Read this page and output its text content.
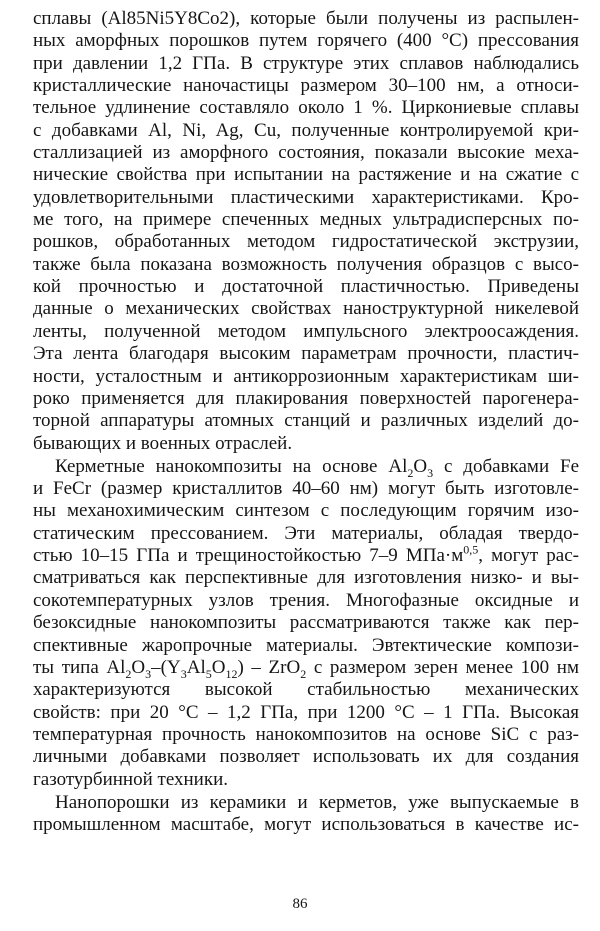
сплавы (Al85Ni5Y8Co2), которые были получены из распылен-
ных аморфных порошков путем горячего (400 °С) прессования
при давлении 1,2 ГПа. В структуре этих сплавов наблюдались
кристаллические наночастицы размером 30–100 нм, а относи-
тельное удлинение составляло около 1 %. Циркониевые сплавы
с добавками Al, Ni, Ag, Cu, полученные контролируемой кри-
сталлизацией из аморфного состояния, показали высокие меха-
нические свойства при испытании на растяжение и на сжатие с
удовлетворительными пластическими характеристиками. Кро-
ме того, на примере спеченных медных ультрадисперсных по-
рошков, обработанных методом гидростатической экструзии,
также была показана возможность получения образцов с высо-
кой прочностью и достаточной пластичностью. Приведены
данные о механических свойствах наноструктурной никелевой
ленты, полученной методом импульсного электроосаждения.
Эта лента благодаря высоким параметрам прочности, пластич-
ности, усталостным и антикоррозионным характеристикам ши-
роко применяется для плакирования поверхностей парогенера-
торной аппаратуры атомных станций и различных изделий до-
бывающих и военных отраслей.
Керметные нанокомпозиты на основе $Al_2O_3$ с добавками Fe
и FeCr (размер кристаллитов 40–60 нм) могут быть изготовле-
ны механохимическим синтезом с последующим горячим изо-
статическим прессованием. Эти материалы, обладая твердо-
стью 10–15 ГПа и трещиностойкостью 7–9 $МПа\cdot м^{0,5}$, могут рас-
сматриваться как перспективные для изготовления низко- и вы-
сокотемпературных узлов трения. Многофазные оксидные и
безоксидные нанокомпозиты рассматриваются также как пер-
спективные жаропрочные материалы. Эвтектические компози-
ты типа $Al_2O_3-(Y_3Al_5O_{12}) - ZrO_2$ с размером зерен менее 100 нм
характеризуются высокой стабильностью механических
свойств: при 20 °С – 1,2 ГПа, при 1200 °С – 1 ГПа. Высокая
температурная прочность нанокомпозитов на основе SiC с раз-
личными добавками позволяет использовать их для создания
газотурбинной техники.
Нанопорошки из керамики и керметов, уже выпускаемые в
промышленном масштабе, могут использоваться в качестве ис-
86
